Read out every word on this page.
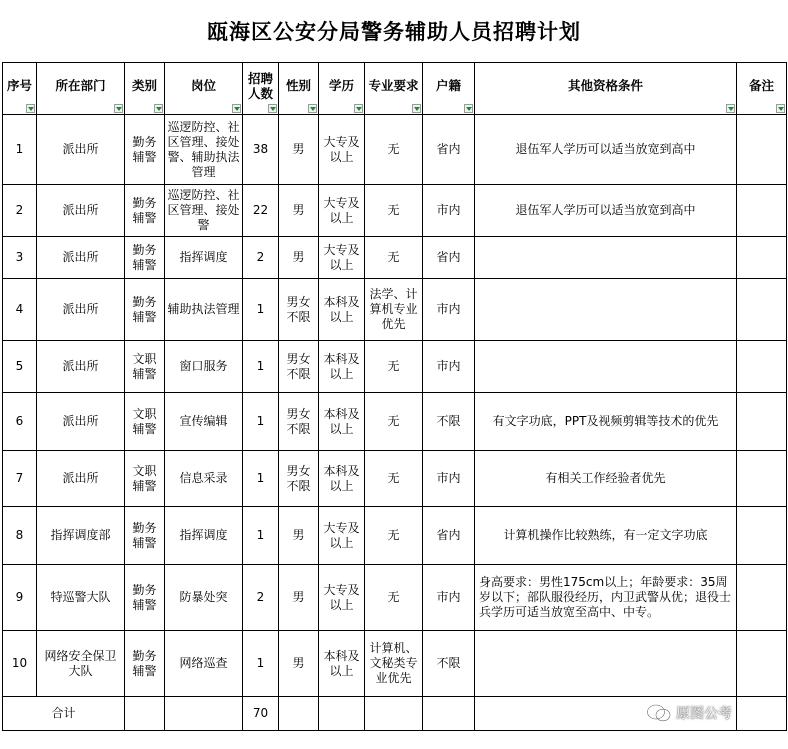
瓯海区公安分局警务辅助人员招聘计划
序号	所在部门	类别	岗位	招聘人数	性别	学历	专业要求	户籍	其他资格条件	备注

1	派出所	勤务辅警	巡逻防控、社区管理、接处警、辅助执法管理	38	男	大专及以上	无	省内	退伍军人学历可以适当放宽到高中	
2	派出所	勤务辅警	巡逻防控、社区管理、接处警	22	男	大专及以上	无	市内	退伍军人学历可以适当放宽到高中	
3	派出所	勤务辅警	指挥调度	2	男	大专及以上	无	省内		
4	派出所	勤务辅警	辅助执法管理	1	男女不限	本科及以上	法学、计算机专业优先	市内		
5	派出所	文职辅警	窗口服务	1	男女不限	本科及以上	无	市内		
6	派出所	文职辅警	宣传编辑	1	男女不限	本科及以上	无	不限	有文字功底，PPT及视频剪辑等技术的优先	
7	派出所	文职辅警	信息采录	1	男女不限	本科及以上	无	市内	有相关工作经验者优先	
8	指挥调度部	勤务辅警	指挥调度	1	男	大专及以上	无	省内	计算机操作比较熟练，有一定文字功底	
9	特巡警大队	勤务辅警	防暴处突	2	男	大专及以上	无	市内	身高要求：男性175cm以上；年龄要求：35周岁以下；部队服役经历，内卫武警从优；退役士兵学历可适当放宽至高中、中专。	
10	网络安全保卫大队	勤务辅警	网络巡查	1	男	本科及以上	计算机、文秘类专业优先	不限		
合计				70							原图公考
